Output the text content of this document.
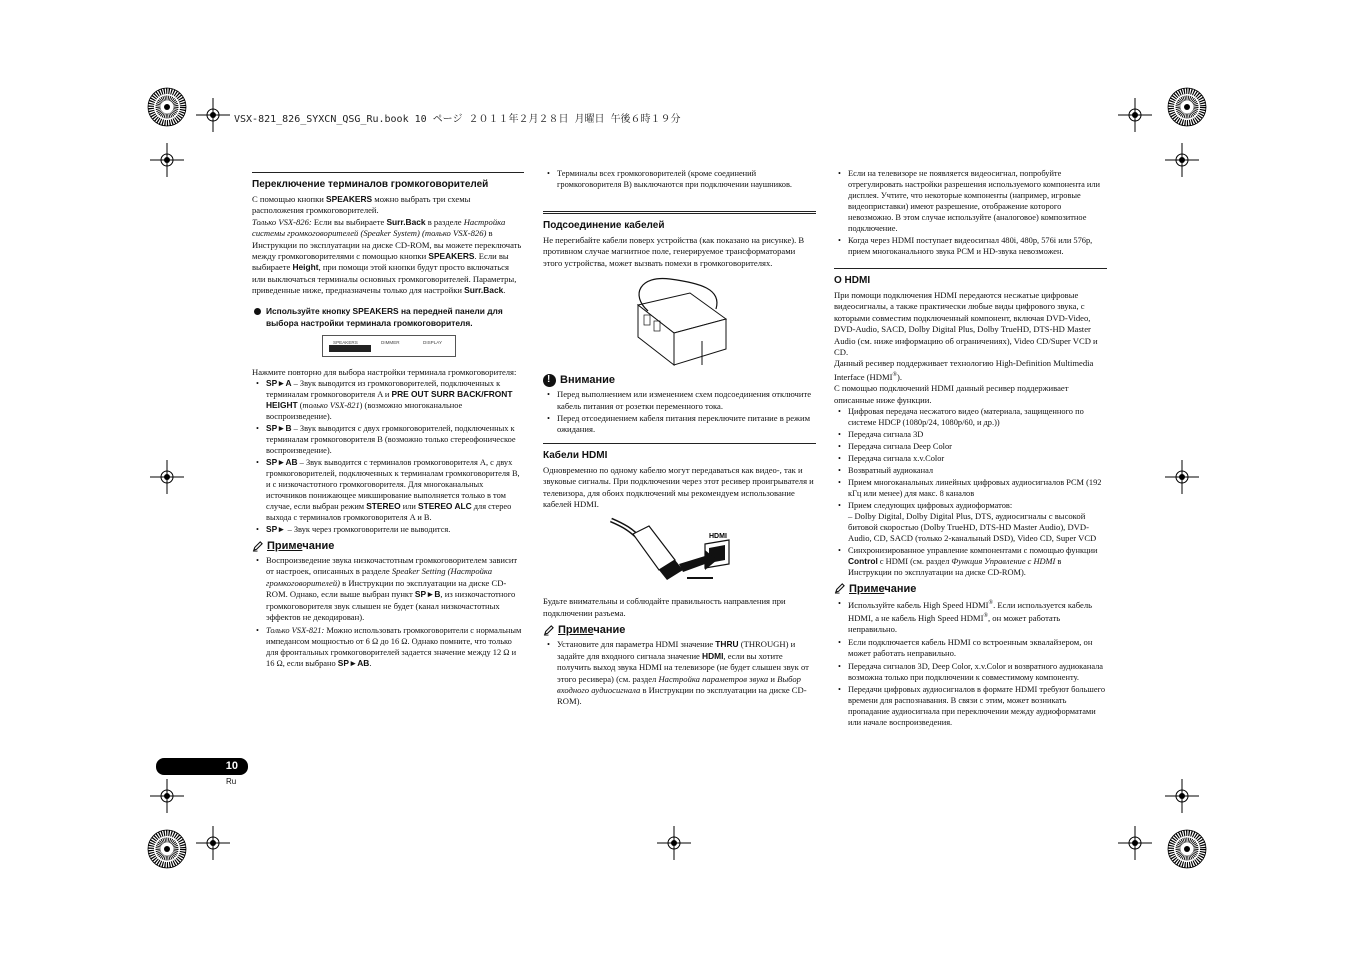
VSX-821_826_SYXCN_QSG_Ru.book 10 ページ ２０１１年２月２８日 月曜日 午後６時１９分
Переключение терминалов громкоговорителей

С помощью кнопки SPEAKERS можно выбрать три схемы расположения громкоговорителей.

Только VSX-826: Если вы выбираете Surr.Back в разделе Настройка системы громкоговорителей (Speaker System) (только VSX-826) в Инструкции по эксплуатации на диске CD-ROM, вы можете переключать между громкоговорителями с помощью кнопки SPEAKERS. Если вы выбираете Height, при помощи этой кнопки будут просто включаться или выключаться терминалы основных громкоговорителей. Параметры, приведенные ниже, предназначены только для настройки Surr.Back.

Используйте кнопку SPEAKERS на передней панели для выбора настройки терминала громкоговорителя.
SPEAKERS	DIMMER	DISPLAY

Нажмите повторно для выбора настройки терминала громкоговорителя:

• SP►A – Звук выводится из громкоговорителей, подключенных к терминалам громкоговорителя A и PRE OUT SURR BACK/FRONT HEIGHT (только VSX-821) (возможно многоканальное воспроизведение).
• SP►B – Звук выводится с двух громкоговорителей, подключенных к терминалам громкоговорителя B (возможно только стереофоническое воспроизведение).
• SP►AB – Звук выводится с терминалов громкоговорителя A, с двух громкоговорителей, подключенных к терминалам громкоговорителя B, и с низкочастотного громкоговорителя. Для многоканальных источников понижающее микширование выполняется только в том случае, если выбран режим STEREO или STEREO ALC для стерео выхода с терминалов громкоговорителя A и B.
• SP► – Звук через громкоговорители не выводится.
Примечание
• Воспроизведение звука низкочастотным громкоговорителем зависит от настроек, описанных в разделе Speaker Setting (Настройка громкоговорителей) в Инструкции по эксплуатации на диске CD-ROM. Однако, если выше выбран пункт SP►B, из низкочастотного громкоговорителя звук слышен не будет (канал низкочастотных эффектов не декодирован).
• Только VSX-821: Можно использовать громкоговорители с нормальным импедансом мощностью от 6 Ω до 16 Ω. Однако помните, что только для фронтальных громкоговорителей задается значение между 12 Ω и 16 Ω, если выбрано SP►AB.
• Терминалы всех громкоговорителей (кроме соединений громкоговорителя B) выключаются при подключении наушников.
Подсоединение кабелей

Не перегибайте кабели поверх устройства (как показано на рисунке). В противном случае магнитное поле, генерируемое трансформаторами этого устройства, может вызвать помехи в громкоговорителях.

!
Внимание
• Перед выполнением или изменением схем подсоединения отключите кабель питания от розетки переменного тока.
• Перед отсоединением кабеля питания переключите питание в режим ожидания.
Кабели HDMI

Одновременно по одному кабелю могут передаваться как видео-, так и звуковые сигналы. При подключении через этот ресивер проигрывателя и телевизора, для обоих подключений мы рекомендуем использование кабелей HDMI.

HDMI

Будьте внимательны и соблюдайте правильность направления при подключении разъема.

Примечание
• Установите для параметра HDMI значение THRU (THROUGH) и задайте для входного сигнала значение HDMI, если вы хотите получить выход звука HDMI на телевизоре (не будет слышен звук от этого ресивера) (см. раздел Настройка параметров звука и Выбор входного аудиосигнала в Инструкции по эксплуатации на диске CD-ROM).
• Если на телевизоре не появляется видеосигнал, попробуйте отрегулировать настройки разрешения используемого компонента или дисплея. Учтите, что некоторые компоненты (например, игровые видеоприставки) имеют разрешение, отображение которого невозможно. В этом случае используйте (аналоговое) композитное подключение.
• Когда через HDMI поступает видеосигнал 480i, 480p, 576i или 576p, прием многоканального звука PCM и HD-звука невозможен.
О HDMI

При помощи подключения HDMI передаются несжатые цифровые видеосигналы, а также практически любые виды цифрового звука, с которыми совместим подключенный компонент, включая DVD-Video, DVD-Audio, SACD, Dolby Digital Plus, Dolby TrueHD, DTS-HD Master Audio (см. ниже информацию об ограничениях), Video CD/Super VCD и CD.

Данный ресивер поддерживает технологию High-Definition Multimedia Interface (HDMI®).

С помощью подключений HDMI данный ресивер поддерживает описанные ниже функции.

• Цифровая передача несжатого видео (материала, защищенного по системе HDCP (1080p/24, 1080p/60, и др.))
• Передача сигнала 3D
• Передача сигнала Deep Color
• Передача сигнала x.v.Color
• Возвратный аудиоканал
• Прием многоканальных линейных цифровых аудиосигналов PCM (192 кГц или менее) для макс. 8 каналов
• Прием следующих цифровых аудиоформатов:
– Dolby Digital, Dolby Digital Plus, DTS, аудиосигналы с высокой битовой скоростью (Dolby TrueHD, DTS-HD Master Audio), DVD-Audio, CD, SACD (только 2-канальный DSD), Video CD, Super VCD
• Синхронизированное управление компонентами с помощью функции Control с HDMI (см. раздел Функция Управление с HDMI в Инструкции по эксплуатации на диске CD-ROM).
Примечание
• Используйте кабель High Speed HDMI®. Если используется кабель HDMI, а не кабель High Speed HDMI®, он может работать неправильно.
• Если подключается кабель HDMI со встроенным эквалайзером, он может работать неправильно.
• Передача сигналов 3D, Deep Color, x.v.Color и возвратного аудиоканала возможна только при подключении к совместимому компоненту.
• Передачи цифровых аудиосигналов в формате HDMI требуют большего времени для распознавания. В связи с этим, может возникать пропадание аудиосигнала при переключении между аудиоформатами или начале воспроизведения.
10
Ru
